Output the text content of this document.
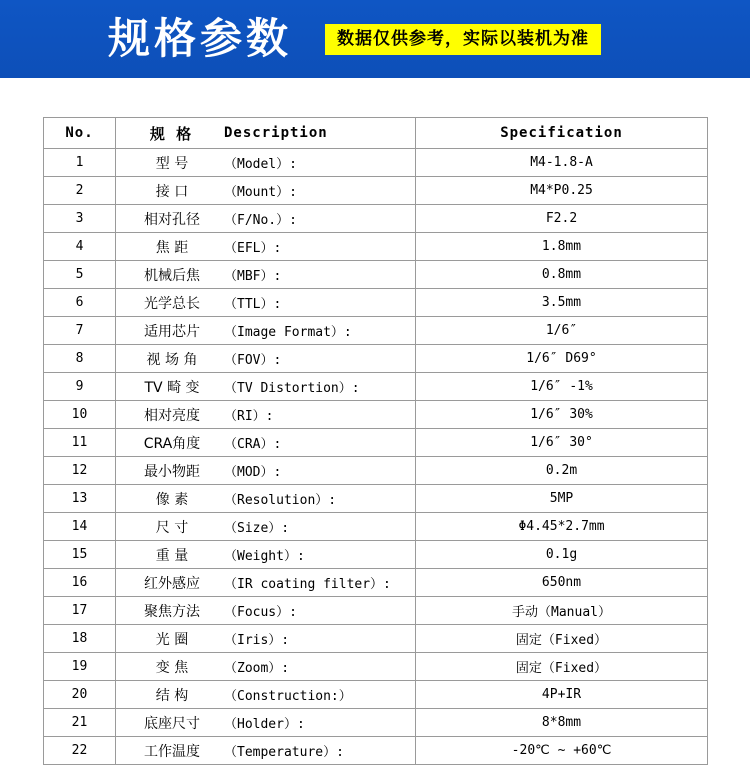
规格参数	数据仅供参考，实际以装机为准
No.	规 格 Description	Specification
1	型 号 （Model）:	M4-1.8-A
2	接 口 （Mount）:	M4*P0.25
3	相对孔径 （F/No.）:	F2.2
4	焦 距 （EFL）:	1.8mm
5	机械后焦 （MBF）:	0.8mm
6	光学总长 （TTL）:	3.5mm
7	适用芯片 （Image Format）:	1/6″
8	视 场 角 （FOV）:	1/6″ D69°
9	TV 畸 变 （TV Distortion）:	1/6″ -1%
10	相对亮度 （RI）:	1/6″ 30%
11	CRA角度 （CRA）:	1/6″ 30°
12	最小物距 （MOD）:	0.2m
13	像 素 （Resolution）:	5MP
14	尺 寸 （Size）:	Φ4.45*2.7mm
15	重 量 （Weight）:	0.1g
16	红外感应 （IR coating filter）:	650nm
17	聚焦方法 （Focus）:	手动（Manual）
18	光 圈 （Iris）:	固定（Fixed）
19	变 焦 （Zoom）:	固定（Fixed）
20	结 构 （Construction:）	4P+IR
21	底座尺寸 （Holder）:	8*8mm
22	工作温度 （Temperature）:	-20℃ ~ +60℃
